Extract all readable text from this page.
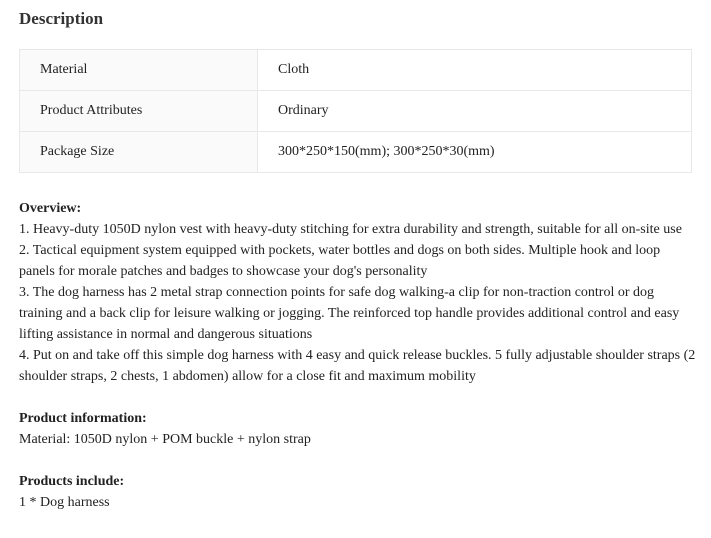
Description
Material	Cloth
Product Attributes	Ordinary
Package Size	300*250*150(mm); 300*250*30(mm)

Overview:

1. Heavy-duty 1050D nylon vest with heavy-duty stitching for extra durability and strength, suitable for all on-site use

2. Tactical equipment system equipped with pockets, water bottles and dogs on both sides. Multiple hook and loop panels for morale patches and badges to showcase your dog's personality

3. The dog harness has 2 metal strap connection points for safe dog walking-a clip for non-traction control or dog training and a back clip for leisure walking or jogging. The reinforced top handle provides additional control and easy lifting assistance in normal and dangerous situations

4. Put on and take off this simple dog harness with 4 easy and quick release buckles. 5 fully adjustable shoulder straps (2 shoulder straps, 2 chests, 1 abdomen) allow for a close fit and maximum mobility

Product information:

Material: 1050D nylon + POM buckle + nylon strap

Products include:

1 * Dog harness
